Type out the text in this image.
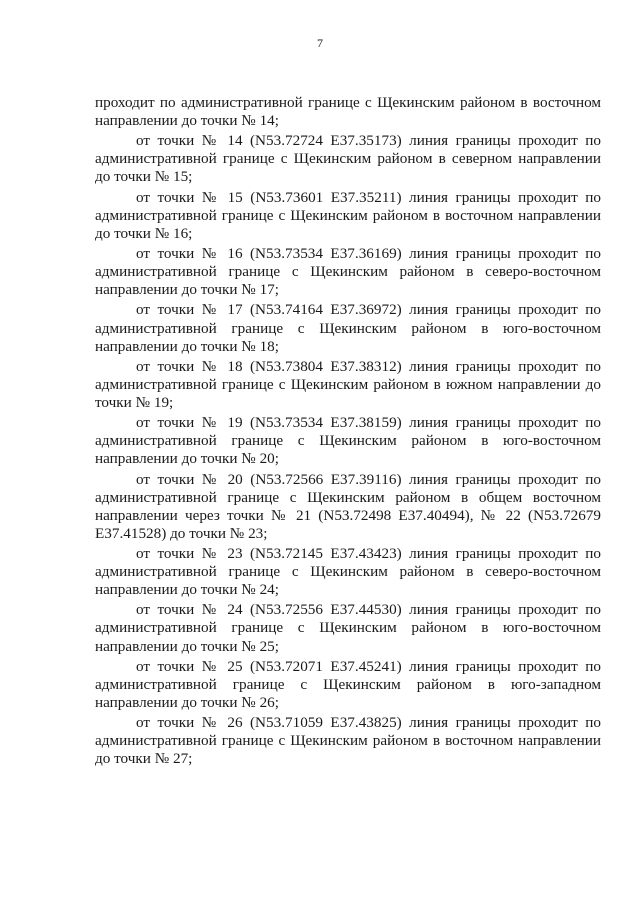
7

проходит по административной границе с Щекинским районом в восточном направлении до точки № 14;

от точки № 14 (N53.72724 E37.35173) линия границы проходит по административной границе с Щекинским районом в северном направлении до точки № 15;

от точки № 15 (N53.73601 E37.35211) линия границы проходит по административной границе с Щекинским районом в восточном направлении до точки № 16;

от точки № 16 (N53.73534 E37.36169) линия границы проходит по административной границе с Щекинским районом в северо-восточном направлении до точки № 17;

от точки № 17 (N53.74164 E37.36972) линия границы проходит по административной границе с Щекинским районом в юго-восточном направлении до точки № 18;

от точки № 18 (N53.73804 E37.38312) линия границы проходит по административной границе с Щекинским районом в южном направлении до точки № 19;

от точки № 19 (N53.73534 E37.38159) линия границы проходит по административной границе с Щекинским районом в юго-восточном направлении до точки № 20;

от точки № 20 (N53.72566 E37.39116) линия границы проходит по административной границе с Щекинским районом в общем восточном направлении через точки № 21 (N53.72498 E37.40494), № 22 (N53.72679 E37.41528) до точки № 23;

от точки № 23 (N53.72145 E37.43423) линия границы проходит по административной границе с Щекинским районом в северо-восточном направлении до точки № 24;

от точки № 24 (N53.72556 E37.44530) линия границы проходит по административной границе с Щекинским районом в юго-восточном направлении до точки № 25;

от точки № 25 (N53.72071 E37.45241) линия границы проходит по административной границе с Щекинским районом в юго-западном направлении до точки № 26;

от точки № 26 (N53.71059 E37.43825) линия границы проходит по административной границе с Щекинским районом в восточном направлении до точки № 27;
